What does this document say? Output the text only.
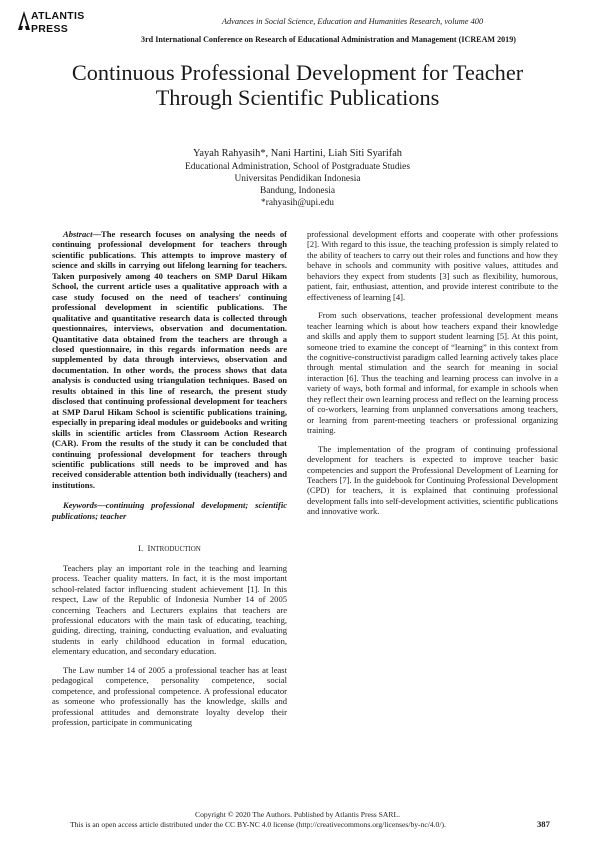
ATLANTIS
PRESS
Advances in Social Science, Education and Humanities Research, volume 400
3rd International Conference on Research of Educational Administration and Management (ICREAM 2019)
Continuous Professional Development for Teacher
Through Scientific Publications
Yayah Rahyasih*, Nani Hartini, Liah Siti Syarifah
Educational Administration, School of Postgraduate Studies
Universitas Pendidikan Indonesia
Bandung, Indonesia
*rahyasih@upi.edu

Abstract—The research focuses on analysing the needs of continuing professional development for teachers through scientific publications. This attempts to improve mastery of science and skills in carrying out lifelong learning for teachers. Taken purposively among 40 teachers on SMP Darul Hikam School, the current article uses a qualitative approach with a case study focused on the need of teachers' continuing professional development in scientific publications. The qualitative and quantitative research data is collected through questionnaires, interviews, observation and documentation. Quantitative data obtained from the teachers are through a closed questionnaire, in this regards information needs are supplemented by data through interviews, observation and documentation. In other words, the process shows that data analysis is conducted using triangulation techniques. Based on results obtained in this line of research, the present study disclosed that continuing professional development for teachers at SMP Darul Hikam School is scientific publications training, especially in preparing ideal modules or guidebooks and writing skills in scientific articles from Classroom Action Research (CAR). From the results of the study it can be concluded that continuing professional development for teachers through scientific publications still needs to be improved and has received considerable attention both individually (teachers) and institutions.

Keywords—continuing professional development; scientific publications; teacher

I. INTRODUCTION

Teachers play an important role in the teaching and learning process. Teacher quality matters. In fact, it is the most important school-related factor influencing student achievement [1]. In this respect, Law of the Republic of Indonesia Number 14 of 2005 concerning Teachers and Lecturers explains that teachers are professional educators with the main task of educating, teaching, guiding, directing, training, conducting evaluation, and evaluating students in early childhood education in formal education, elementary education, and secondary education.

The Law number 14 of 2005 a professional teacher has at least pedagogical competence, personality competence, social competence, and professional competence. A professional educator as someone who professionally has the knowledge, skills and professional attitudes and demonstrate loyalty develop their profession, participate in communicating

professional development efforts and cooperate with other professions [2]. With regard to this issue, the teaching profession is simply related to the ability of teachers to carry out their roles and functions and how they behave in schools and community with positive values, attitudes and behaviors they expect from students [3] such as flexibility, humorous, patient, fair, enthusiast, attention, and provide interest contribute to the effectiveness of learning [4].

From such observations, teacher professional development means teacher learning which is about how teachers expand their knowledge and skills and apply them to support student learning [5]. At this point, someone tried to examine the concept of “learning” in this context from the cognitive-constructivist paradigm called learning actively takes place through mental stimulation and the search for meaning in social interaction [6]. Thus the teaching and learning process can involve in a variety of ways, both formal and informal, for example in schools when they reflect their own learning process and reflect on the learning process of co-workers, learning from unplanned conversations among teachers, or learning from parent-meeting teachers or professional organizing training.

The implementation of the program of continuing professional development for teachers is expected to improve teacher basic competencies and support the Professional Development of Learning for Teachers [7]. In the guidebook for Continuing Professional Development (CPD) for teachers, it is explained that continuing professional development falls into self-development activities, scientific publications and innovative work.

Copyright © 2020 The Authors. Published by Atlantis Press SARL.
This is an open access article distributed under the CC BY-NC 4.0 license (http://creativecommons.org/licenses/by-nc/4.0/).	387
